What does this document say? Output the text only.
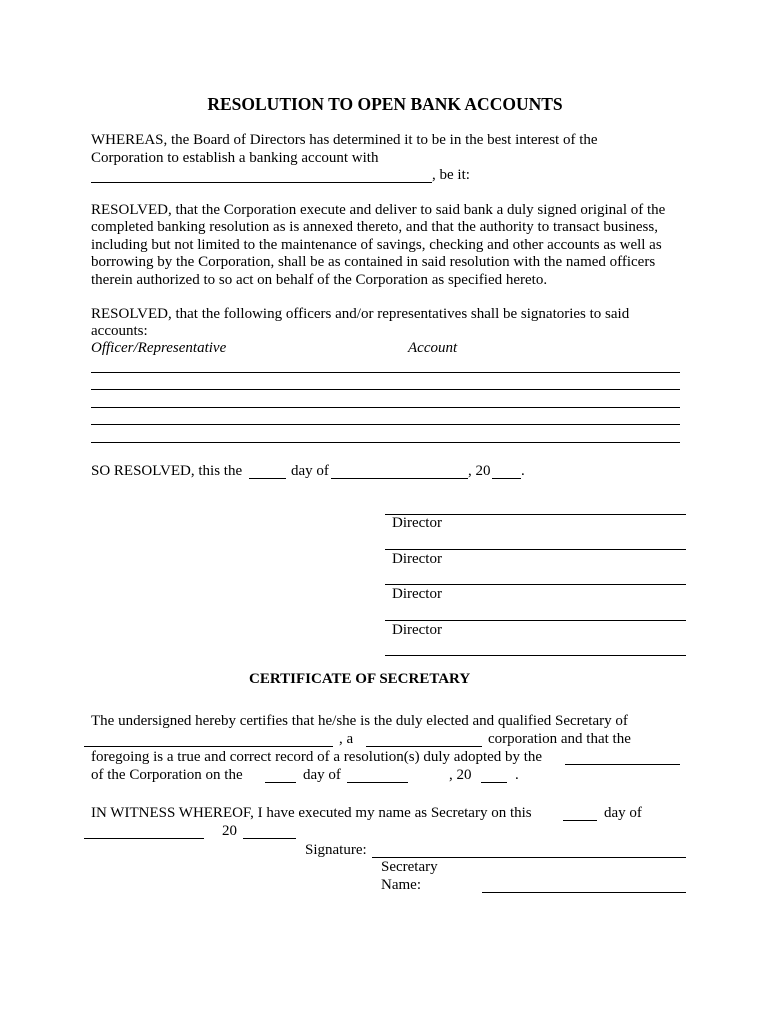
RESOLUTION TO OPEN BANK ACCOUNTS
WHEREAS, the Board of Directors has determined it to be in the best interest of the
Corporation to establish a banking account with
, be it:
RESOLVED, that the Corporation execute and deliver to said bank a duly signed original of the
completed banking resolution as is annexed thereto, and that the authority to transact business,
including but not limited to the maintenance of savings, checking and other accounts as well as
borrowing by the Corporation, shall be as contained in said resolution with the named officers
therein authorized to so act on behalf of the Corporation as specified hereto.
RESOLVED, that the following officers and/or representatives shall be signatories to said
accounts:
Officer/Representative	Account
SO RESOLVED, this the	day of	, 20 .
Director
Director
Director
Director
CERTIFICATE OF SECRETARY
The undersigned hereby certifies that he/she is the duly elected and qualified Secretary of
, a	corporation and that the
foregoing is a true and correct record of a resolution(s) duly adopted by the
of the Corporation on the	day of	, 20	.
IN WITNESS WHEREOF, I have executed my name as Secretary on this	day of
20
Signature:
Secretary
Name:
